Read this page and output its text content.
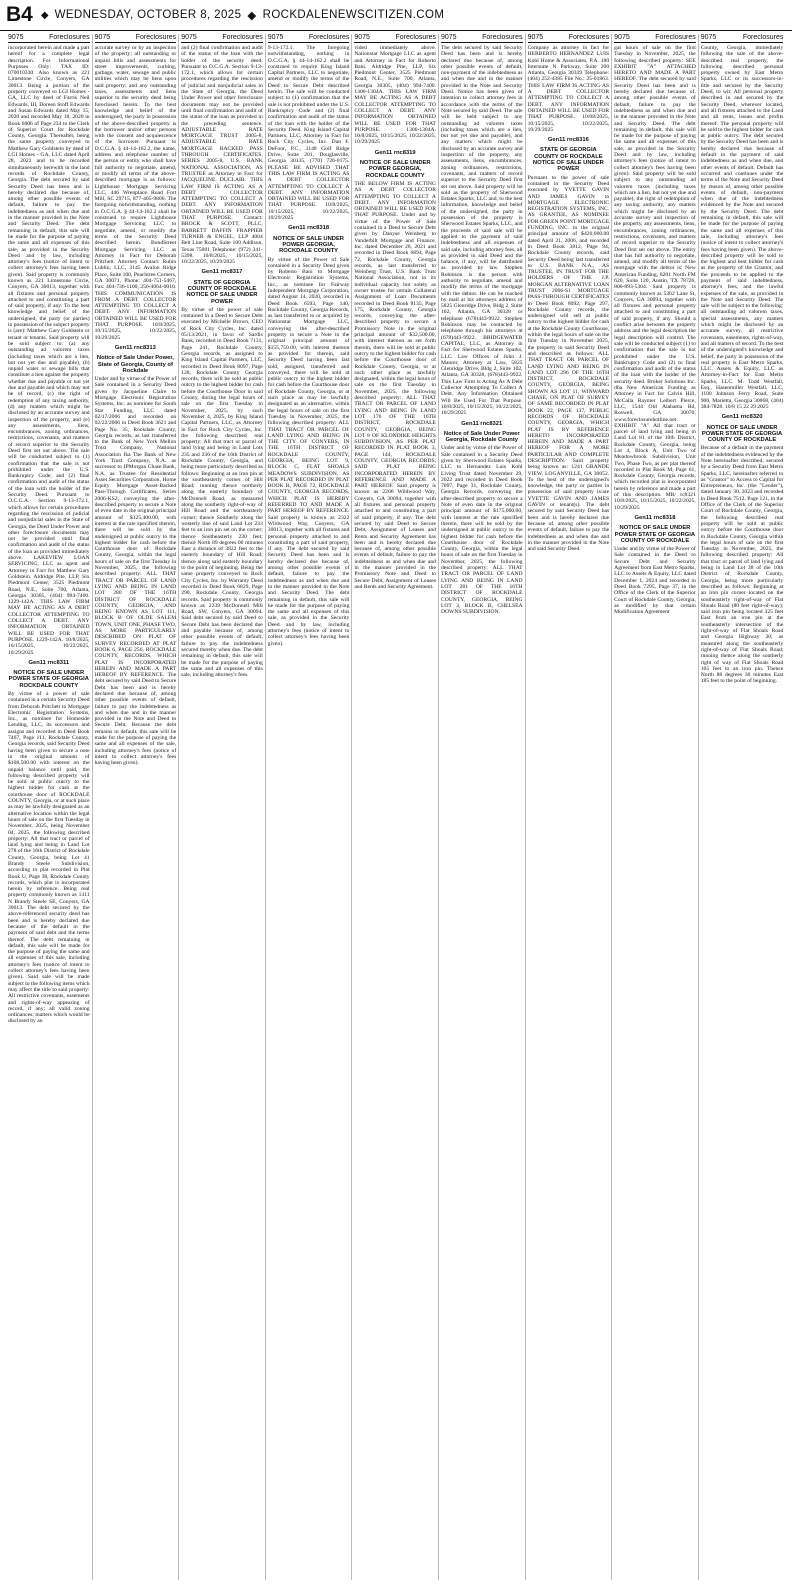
B4 ◆ WEDNESDAY, OCTOBER 8, 2025 ◆ ROCKDALENEWSCITIZEN.COM
9075	Foreclosures

incorporated herein and made a part hereof for a complete legal description. For Informational Purposes Only: TAX ID: 070010330. Also known as 221 Limestone Circle, Conyers, GA 30013. Being a portion of the property conveyed to LGI Homes - GA, LLC by deed of Farris Neil Edwards, III, Doreen Stoff Edwards and Susan Edwards dated May 15, 2020 and recorded May 18, 2020 in Book 6006 of Page 234 to the Clerk of Superior Court for Rockdale County, Georgia. Thereafter, being the same property conveyed to Matthew Gary Goldstein by deed of LGI Homes - GA, LLC dated April 28, 2022 and to be recorded simultaneously herewith in the land records of Rockdale County, Georgia. The debt secured by said Security Deed has been and is hereby declared due because of, among other possible events of default, failure to pay the indebtedness as and when due and in the manner provided in the Note and Security Deed. The debt remaining in default, this sale will be made for the purpose of paying the same and all expenses of this sale, as provided in the Security Deed and by law, including attorney's fees (notice of intent to collect attorney's fees having been given). Said property is commonly known as 221 Limestone Circle, Conyers, GA 30013, together with all fixtures and personal property attached to and constituting a part of said property, if any. To the best knowledge and belief of the undersigned, the party (or parties) in possession of the subject property is (are): Matthew Gary Goldstein or tenant or tenants. Said property will be sold subject to: (a) any outstanding ad valorem taxes (including taxes which are a lien, but not yet due and payable), (b) unpaid water or sewage bills that constitute a lien against the property whether due and payable or not yet due and payable and which may not be of record, (c) the right of redemption of any taxing authority, (d) any matters which might be disclosed by an accurate survey and inspection of the property, and (e) any assessments, liens, encumbrances, zoning ordinances, restrictions, covenants, and matters of record superior to the Security Deed first set out above. The sale will be conducted subject to (1) confirmation that the sale is not prohibited under the U.S. Bankruptcy Code; and (2) final confirmation and audit of the status of the loan with the holder of the Security Deed. Pursuant to O.C.G.A. Section 9-13-172.1, which allows for certain procedures regarding the rescission of judicial and nonjudicial sales in the State of Georgia, the Deed Under Power and other foreclosure documents may not be provided until final confirmation and audit of the status of the loan as provided immediately above. LAKEVIEW LOAN SERVICING, LLC as agent and Attorney in Fact for Matthew Gary Goldstein. Aldridge Pite, LLP, Six Piedmont Center, 3525 Piedmont Road, N.E., Suite 700, Atlanta, Georgia 30305, (404) 994-7400. 1229-142A. THIS LAW FIRM MAY BE ACTING AS A DEBT COLLECTOR ATTEMPTING TO COLLECT A DEBT. ANY INFORMATION OBTAINED WILL BE USED FOR THAT PURPOSE. 1229-142A. 10/8/2025, 10/15/2025, 10/22/2025, 10/29/2025

Gen11 rnc8311

NOTICE OF SALE UNDER POWER STATE OF GEORGIA ROCKDALE COUNTY

By virtue of a power of sale contained in a certain Security Deed from Deborah Pritchett to Mortgage Electronic Registration Systems, Inc., as nominee for Homeside Lending, LLC, its successors and assigns and recorded in Deed Book 7467, Page 111, Rockdale County, Georgia records, said Security Deed having been given to secure a note in the original amount of $108,500.00 with interest on the unpaid balance until paid, the following described property will be sold at public outcry to the highest bidder for cash at the courthouse door of ROCKDALE COUNTY, Georgia, or at such place as may be lawfully designated as an alternative location within the legal hours of sale on the first Tuesday in November, 2025, being November 04, 2025, the following described property: All that tract or parcel of land lying and being in Land Lot 278 of the 16th District of Rockdale County, Georgia, being Lot 41 Brandy Steele Subdivision, according to plat recorded in Plat Book U, Page 38, Rockdale County records, which plat is incorporated herein by reference. Being real property commonly known as 1311 N Brandy Steele SE, Conyers, GA 30013. The debt secured by the above-referenced security deed has been and is hereby declared due because of the default in the payment of said debt and the terms thereof. The debt remaining in default, this sale will be made for the purpose of paying the same and all expenses of this sale, including attorney's fees (notice of intent to collect attorney's fees having been given). Said sale will be made subject to the following items which may affect the title to said property: All restrictive covenants, easements and rights-of-way appearing of record, if any; all valid zoning ordinances; matters which would be disclosed by an

9075	Foreclosures

accurate survey or by an inspection of the property; all outstanding or unpaid bills and assessments for street improvements, curbing, garbage, water, sewage and public utilities which may be liens upon said property; and any outstanding taxes, assessments and liens superior to the security deed being foreclosed herein. To the best knowledge and belief of the undersigned, the party in possession of the above-described property is the borrower and/or other persons with the consent and acquiescence of the borrower. Pursuant to O.C.G.A. § 44-14-162.2, the name, address and telephone number of the person or entity who shall have full authority to negotiate, amend, or modify all terms of the above-described mortgage is as follows: Lighthouse Mortgage Servicing LLC, 446 Wrenplace Road Fort Mill, SC 29715, 877-405-9800. The foregoing notwithstanding, nothing in O.C.G.A. § 44-14-162.2 shall be construed to require Lighthouse Mortgage Servicing LLC to negotiate, amend, or modify the terms of the Security Deed described herein. BondStreet Mortgage Servicing LLC as Attorney in Fact for Deborah Pritchett. Attorney Contact: Rubin Lublin, LLC, 3145 Avalon Ridge Place, Suite 100, Peachtree Corners, GA 30071, Phone: 404-751-5467, Fax: 404-736-1100, 256-4064-0010. THIS COMMUNICATION IS FROM A DEBT COLLECTOR ATTEMPTING TO COLLECT A DEBT. ANY INFORMATION OBTAINED WILL BE USED FOR THAT PURPOSE. 10/8/2025, 10/15/2025, 10/22/2025, 10/29/2025

Gen11 rnc8313

Notice of Sale Under Power, State of Georgia, County of Rockdale

Under and by virtue of the Power of Sale contained in a Security Deed given by Jacqueline Claire to Mortgage Electronic Registration Systems, Inc. as nominee for South Star Funding, LLC dated 02/17/2006 and recorded on 02/22/2006 in Deed Book 3621 and Page No. 35, Rockdale County, Georgia records, as last transferred to the Bank of New York Mellon Trust Company, National Association fka The Bank of New York Trust Company, N.A. as successor to JPMorgan Chase Bank, N.A. as Trustee for Residential Asset Securities Corporation, Home Equity Mortgage Asset-Backed Pass-Through Certificates, Series 2006-KS2, conveying the after-described property to secure a Note of even date in the original principal amount of $125,400.00, with interest at the rate specified therein, there will be sold by the undersigned at public outcry to the highest bidder for cash before the Courthouse door of Rockdale County, Georgia, within the legal hours of sale on the first Tuesday in November, 2025, the following described property: ALL THAT TRACT OR PARCEL OF LAND LYING AND BEING IN LAND LOT 280 OF THE 16TH DISTRICT OF ROCKDALE COUNTY, GEORGIA, AND BEING KNOWN AS LOT 111, BLOCK B OF OLDE SALEM TOWN, UNIT ONE, PHASE TWO, AS MORE PARTICULARLY DESCRIBED ON PLAT OF SURVEY RECORDED AT PLAT BOOK 6, PAGE 256, ROCKDALE COUNTY, RECORDS, WHICH PLAT IS INCORPORATED HEREIN AND MADE A PART HEREOF BY REFERENCE. The debt secured by said Deed to Secure Debt has been and is hereby declared due because of, among other possible events of default, failure to pay the indebtedness as and when due and in the manner provided in the Note and Deed to Secure Debt. Because the debt remains in default, this sale will be made for the purpose of paying the same and all expenses of the sale, including attorney's fees (notice of intent to collect attorney's fees having been given).

9075	Foreclosures

and (2) final confirmation and audit of the status of the loan with the holder of the security deed. Pursuant to O.C.G.A. Section 9-13-172.1, which allows for certain procedures regarding the rescission of judicial and nonjudicial sales in the State of Georgia, the Deed Under Power and other foreclosure documents may not be provided until final confirmation and audit of the status of the loan as provided in the preceding sentence. ADJUSTABLE RATE MORTGAGE TRUST 2005-8, ADJUSTABLE RATE MORTGAGE BACKED PASS THROUGH CERTIFICATES, SERIES 2005-8, U.S. BANK NATIONAL ASSOCIATION, AS TRUSTEE as Attorney in Fact for JACQUELINE DUCLAIR. THIS LAW FIRM IS ACTING AS A DEBT COLLECTOR ATTEMPTING TO COLLECT A DEBT. ANY INFORMATION OBTAINED WILL BE USED FOR THAT PURPOSE. Contact: BROCK & SCOTT, PLLC, BARRETT DAFFIN FRAPPIER TURNER & ENGEL, LLP 4004 Belt Line Road, Suite 100 Addison, Texas 75001 Telephone: (972) 341-5398. 10/8/2025, 10/15/2025, 10/22/2025, 10/29/2025

Gen11 rnc8317

STATE OF GEORGIA COUNTY OF ROCKDALE NOTICE OF SALE UNDER POWER

By virtue of the power of sale contained in a Deed to Secure Debt executed by Michelle Brown, CEO of Rock City Cycles, Inc. dated 05/13/2021, in favor of Sardis Bank, recorded in Deed Book 7131, Page 241, Rockdale County, Georgia records, as assigned to King Island Capital Partners, LLC, recorded in Deed Book 8097, Page 128, Rockdale County Georgia records, there will be sold at public outcry to the highest bidder for cash before the Courthouse Door in said County, during the legal hours of sale on the first Tuesday in November, 2025, by such November 4, 2025, by King Island Capital Partners, LLC, as Attorney in Fact for Rock City Cycles, Inc. the following described real property: All that tract or parcel of land lying and being in Land Lots 235 and 236 of the 16th District of Rockdale County, Georgia, and being more particularly described as follows: Beginning at an iron pin at the southeasterly corner of Hill Road; running thence northerly along the easterly boundary of McDonnell Road, as measured along the southerly right-of-way of Hill Road and the northeasterly corner; thence Southerly along the westerly line of said Land Lot 233 feet to an iron pin set on the corner; thence Southeasterly 230 feet; thence North 89 degrees 00 minutes East a distance of 3822 feet to the easterly boundary of Hill Road; thence along said easterly boundary to the point of beginning. Being the same property conveyed to Rock City Cycles, Inc. by Warranty Deed recorded in Deed Book 6829, Page 290, Rockdale County, Georgia records. Said property is commonly known as 2239 McDonnell Mill Road, SW, Conyers, GA 30094. Said debt secured by said Deed to Secure Debt has been declared due and payable because of, among other possible events of default, failure to pay the indebtedness secured thereby when due. The debt remaining in default, this sale will be made for the purpose of paying the same and all expenses of this sale, including attorney's fees.

9075	Foreclosures

9-13-172.1. The foregoing notwithstanding, nothing in O.C.G.A. § 44-14-162.2 shall be construed to require King Island Capital Partners, LLC to negotiate, amend or modify the terms of the Deed to Secure Debt described herein. The sale will be conducted subject to (1) confirmation that the sale is not prohibited under the U.S. Bankruptcy Code and (2) final confirmation and audit of the status of the loan with the holder of the Security Deed. King Island Capital Partners, LLC, Attorney in Fact for Rock City Cycles, Inc. Dan F. DeFoor, P.C., 3148 Golf Ridge Drive, Suite 201, Douglasville, Georgia 30135, (770) 726-0175. PLEASE BE ADVISED THAT THIS LAW FIRM IS ACTING AS A DEBT COLLECTOR ATTEMPTING TO COLLECT A DEBT. ANY INFORMATION OBTAINED WILL BE USED FOR THAT PURPOSE. 10/8/2025, 10/15/2025, 10/22/2025, 10/29/2025

Gen11 rnc8318

NOTICE OF SALE UNDER POWER GEORGIA, ROCKDALE COUNTY

By virtue of the Power of Sale contained in a Security Deed given by Roberto Bani to Mortgage Electronic Registration Systems, Inc., as nominee for Fairway Independent Mortgage Corporation, dated August 14, 2020, recorded in Deed Book 6593, Page 140, Rockdale County, Georgia Records, as last transferred to or acquired by Nationstar Mortgage LLC, conveying the after-described property to secure a Note in the original principal amount of $155,750.00, with interest thereon as provided for therein, said Security Deed having been last sold, assigned, transferred and conveyed, there will be sold at public outcry to the highest bidder for cash before the Courthouse door of Rockdale County, Georgia, or at such place as may be lawfully designated as an alternative, within the legal hours of sale on the first Tuesday in November, 2025, the following described property: ALL THAT TRACT OR PARCEL OF LAND LYING AND BEING IN THE CITY OF CONYERS, IN THE 16TH DISTRICT OF ROCKDALE COUNTY, GEORGIA, BEING LOT 9, BLOCK C, FLAT SHOALS MEADOWS SUBDIVISION, AS PER PLAT RECORDED IN PLAT BOOK R, PAGE 72, ROCKDALE COUNTY, GEORGIA RECORDS, WHICH PLAT IS HEREBY REFERRED TO AND MADE A PART HEREOF BY REFERENCE. Said property is known as 2322 Wildwood Way, Conyers, GA 30013, together with all fixtures and personal property attached to and constituting a part of said property, if any. The debt secured by said Security Deed has been and is hereby declared due because of, among other possible events of default, failure to pay the indebtedness as and when due and in the manner provided in the Note and Security Deed. The debt remaining in default, this sale will be made for the purpose of paying the same and all expenses of this sale, as provided in the Security Deed and by law, including attorney's fees (notice of intent to collect attorney's fees having been given).

9075	Foreclosures

vided immediately above. Nationstar Mortgage LLC as agent and Attorney in Fact for Roberto Bani. Aldridge Pite, LLP, Six Piedmont Center, 3525 Piedmont Road, N.E., Suite 700, Atlanta, Georgia 30305, (404) 994-7400. 1306-1304A. THIS LAW FIRM MAY BE ACTING AS A DEBT COLLECTOR ATTEMPTING TO COLLECT A DEBT. ANY INFORMATION OBTAINED WILL BE USED FOR THAT PURPOSE. 1306-1304A. 10/8/2025, 10/15/2025, 10/22/2025, 10/29/2025

Gen11 rnc8319

NOTICE OF SALE UNDER POWER GEORGIA, ROCKDALE COUNTY

THE BELOW FIRM IS ACTING AS A DEBT COLLECTOR ATTEMPTING TO COLLECT A DEBT. ANY INFORMATION OBTAINED WILL BE USED FOR THAT PURPOSE. Under and by virtue of the Power of Sale contained in a Deed to Secure Debt given by Danyse Weinberg to Vanderbilt Mortgage and Finance, Inc. dated December 28, 2021 and recorded in Deed Book 6894, Page 72, Rockdale County, Georgia records, as last transferred to Weinberg Trust, U.S. Bank Trust National Association, not in its individual capacity but solely as owner trustee for certain Collateral Assignment of Loan Documents recorded in Deed Book 8135, Page 175, Rockdale County, Georgia records, conveying the after-described property to secure a Promissory Note in the original principal amount of $32,500.00, with interest thereon as set forth therein, there will be sold at public outcry to the highest bidder for cash before the Courthouse door of Rockdale County, Georgia, or at such other place as lawfully designated, within the legal hours of sale on the first Tuesday in November, 2025, the following described property: ALL THAT TRACT OR PARCEL OF LAND LYING AND BEING IN LAND LOT 176 OF THE 16TH DISTRICT, ROCKDALE COUNTY, GEORGIA, BEING LOT 8 OF KLONDIKE HEIGHTS SUBDIVISION, AS PER PLAT RECORDED IN PLAT BOOK 3, PAGE 144, ROCKDALE COUNTY, GEORGIA RECORDS, SAID PLAT BEING INCORPORATED HEREIN BY REFERENCE AND MADE A PART HEREOF. Said property is known as 2206 Wildwood Way, Conyers, GA 30094, together with all fixtures and personal property attached to and constituting a part of said property, if any. The debt secured by said Deed to Secure Debt, Assignment of Leases and Rents and Security Agreement has been and is hereby declared due because of, among other possible events of default, failure to pay the indebtedness as and when due and in the manner provided in the Promissory Note and Deed to Secure Debt, Assignment of Leases and Rents and Security Agreement.

9075	Foreclosures

The debt secured by said Security Deed has been and is hereby declared due because of, among other possible events of default, non-payment of the indebtedness as and when due and in the manner provided in the Note and Security Deed. Notice has been given of intention to collect attorney fees in accordance with the terms of the Note secured by said Deed. The sale will be held subject to any outstanding ad valorem taxes (including taxes which are a lien, but not yet due and payable), and any matters which might be disclosed by an accurate survey and inspection of the property, any assessments, liens, encumbrances, zoning ordinances, restrictions, covenants, and matters of record superior to the Security Deed first set out above. Said property will be sold as the property of Sherwood Estates Sparks, LLC and, to the best information, knowledge and belief of the undersigned, the party in possession of the property is Sherwood Estates Sparks, LLC, and the proceeds of said sale will be applied to the payment of said indebtedness and all expenses of said sale, including attorney fees, all as provided in said Deed and the balance, if any, will be distributed as provided by law. Stephen Robinson is the person with authority to negotiate, amend and modify the terms of the mortgage with the debtor. He can be reached by mail at his attorneys address of 5825 Glenridge Drive, Bldg 2, Suite 102, Atlanta, GA 30328 or telephone (678)443-9922. Stephen Robinson may be contacted by telephone through his attorneys at (678)443-9922. BRIDGEWATER CAPITAL, LLC, as Attorney in Fact for Sherwood Estates Sparks, LLC. Law Offices of John J. Maurer, Attorney at Law, 5825 Glenridge Drive, Bldg 2, Suite 102, Atlanta, GA 30328, (678)443-9922. This Law Firm is Acting As A Debt Collector Attempting To Collect A Debt. Any Information Obtained Will Be Used For That Purpose. 10/8/2025, 10/15/2025, 10/22/2025, 10/29/2025

Gen11 rnc8321

Notice of Sale Under Power Georgia, Rockdale County

Under and by virtue of the Power of Sale contained in a Security Deed given by Sherwood Estates Sparks, LLC to Hernandez Luis Kohl Living Trust dated November 29, 2022 and recorded in Deed Book 7097, Page 31, Rockdale County, Georgia Records, conveying the after-described property to secure a Note of even date in the original principal amount of $175,000.00, with interest at the rate specified therein, there will be sold by the undersigned at public outcry to the highest bidder for cash before the Courthouse door of Rockdale County, Georgia, within the legal hours of sale on the first Tuesday in November, 2025, the following described property: ALL THAT TRACT OR PARCEL OF LAND LYING AND BEING IN LAND LOT 281 OF THE 16TH DISTRICT OF ROCKDALE COUNTY, GEORGIA, BEING LOT 3, BLOCK B, CHELSEA DOWNS SUBDIVISION.

9075	Foreclosures

Company as attorney in fact for HERBERTO HERNANDEZ LUIS Kohl Home & Associates, P.A. 180 Interstate N Parkway, Suite 200 Atlanta, Georgia 30339 Telephone: (404) 252-4385 File No.: 25-01863. THIS LAW FIRM IS ACTING AS A DEBT COLLECTOR ATTEMPTING TO COLLECT A DEBT. ANY INFORMATION OBTAINED WILL BE USED FOR THAT PURPOSE. 10/08/2025, 10/15/2025, 10/22/2025, 10/29/2025

Gen11 rnc8316

STATE OF GEORGIA COUNTY OF ROCKDALE NOTICE OF SALE UNDER POWER

Pursuant to the power of sale contained in the Security Deed executed by YVETTE GAVIN AND JAMES GAVIN to MORTGAGE ELECTRONIC REGISTRATION SYSTEMS, INC. AS GRANTEE, AS NOMINEE FOR GREEN POINT MORTGAGE FUNDING, INC. in the original principal amount of $420,000.00 dated April 21, 2006, and recorded in Deed Book 3812, Page 94, Rockdale County records, said Security Deed being last transferred to U.S. BANK N.A., AS TRUSTEE, IN TRUST FOR THE HOLDERS OF THE J.P. MORGAN ALTERNATIVE LOAN TRUST 2006-S1 MORTGAGE PASS-THROUGH CERTIFICATES in Deed Book 8092, Page 297, Rockdale County records, the undersigned will sell at public outcry to the highest bidder for cash at the Rockdale County Courthouse, within the legal hours of sale on the first Tuesday in November 2025, the property in said Security Deed and described as follows: ALL THAT TRACT OR PARCEL OF LAND LYING AND BEING IN LAND LOT 296 OF THE 16TH DISTRICT, ROCKDALE COUNTY, GEORGIA, BEING SHOWN AS LOT 11, WINWARD CHASE, ON PLAT OF SURVEY OF SAME RECORDED IN PLAT BOOK 22, PAGE 137, PUBLIC RECORDS OF ROCKDALE COUNTY, GEORGIA, WHICH PLAT IS BY REFERENCE HERETO INCORPORATED HEREIN AND MADE A PART HEREOF FOR A MORE PARTICULAR AND COMPLETE DESCRIPTION. Said property being known as: 1241 GRANDE VIEW, LOGANVILLE, GA 30052. To the best of the undersigned's knowledge, the party or parties in possession of said property is/are YVETTE GAVIN AND JAMES GAVIN or tenant(s). The debt secured by said Security Deed has been and is hereby declared due because of, among other possible events of default, failure to pay the indebtedness as and when due and in the manner provided in the Note and said Security Deed.

9075	Foreclosures

gal hours of sale on the first Tuesday in November, 2025, the following described property: SEE EXHIBIT "A" ATTACHED HERETO AND MADE A PART HEREOF. The debt secured by said Security Deed has been and is hereby declared due because of, among other possible events of default, failure to pay the indebtedness as and when due and in the manner provided in the Note and Security Deed. The debt remaining in default, this sale will be made for the purpose of paying the same and all expenses of this sale, as provided in the Security Deed and by law, including attorney's fees (notice of intent to collect attorney's fees having been given). Said property will be sold subject to any outstanding ad valorem taxes (including taxes which are a lien, but not yet due and payable), the right of redemption of any taxing authority, any matters which might be disclosed by an accurate survey and inspection of the property, any assessments, liens, encumbrances, zoning ordinances, restrictions, covenants, and matters of record superior to the Security Deed first set out above. The entity that has full authority to negotiate, amend, and modify all terms of the mortgage with the debtor is: New American Funding, 8201 North FM 620, Suite 120, Austin, TX 78726, 800-893-5304. Said property is commonly known as 5362 Lane St, Conyers, GA 30094, together with all fixtures and personal property attached to and constituting a part of said property, if any. Should a conflict arise between the property address and the legal description the legal description will control. The sale will be conducted subject (1) to confirmation that the sale is not prohibited under the U.S. Bankruptcy Code and (2) to final confirmation and audit of the status of the loan with the holder of the security deed. Broker Solutions Inc. dba New American Funding as Attorney in Fact for Calvin Hill, McCalla Raymer Leibert Pierce, LLC, 1544 Old Alabama Rd, Roswell, GA 30076, www.foreclosurehotline.net. EXHIBIT "A" All that tract or parcel of land lying and being in Land Lot 81 of the 10th District, Rockdale County, Georgia, being Lot 4, Block A, Unit Two of Meadowbrook Subdivision, Unit Two, Phase Two, as per plat thereof recorded in Plat Book M, Page 61, Rockdale County, Georgia records, which recorded plat is incorporated herein by reference and made a part of this description. MR/ rc8321 10/8/2025, 10/15/2025, 10/22/2025, 10/29/2025

Gen11 rnc8318

NOTICE OF SALE UNDER POWER STATE OF GEORGIA COUNTY OF ROCKDALE

Under and by virtue of the Power of Sale contained in the Deed to Secure Debt and Security Agreement from East Metro Sparks, LLC to Assets & Equity, LLC dated December 1, 2024 and recorded in Deed Book 7295, Page 37, in the Office of the Clerk of the Superior Court of Rockdale County, Georgia, as modified by that certain Modification Agreement

9075	Foreclosures

County, Georgia, immediately following the sale of the above-described real property, the following described personal property owned by East Metro Sparks, LLC or its successors-in-title and secured by the Security Deed, to wit: All personal property described in and secured by the Security Deed, wherever located, and all fixtures attached to the Land and all rents, issues and profits thereof. The personal property will be sold to the highest bidder for cash at public outcry. The debt secured by the Security Deed has been and is hereby declared due because of default in the payment of said indebtedness as and when due, and other events of default. Default has occurred and continues under the terms of the Note and Security Deed by reason of, among other possible events of default, non-payment when due of the indebtedness evidenced by the Note and secured by the Security Deed. The debt remaining in default, this sale will be made for the purpose of paying the same and all expenses of this sale, including attorney's fees (notice of intent to collect attorney's fees having been given). The above-described property will be sold to the highest and best bidder for cash as the property of the Grantor, and the proceeds to be applied to the payment of said indebtedness, attorney's fees, and the lawful expenses of the sale, as provided in the Note and Security Deed. The sale will be subject to the following: all outstanding ad valorem taxes, special assessments, any matters which might be disclosed by an accurate survey, all restrictive covenants, easements, rights-of-way, and all matters of record. To the best of the undersigned's knowledge and belief, the party in possession of the real property is East Metro Sparks, LLC. Assets & Equity, LLC as Attorney-in-Fact for East Metro Sparks, LLC. M. Todd Westfall, Esq., Hasenmiller Westfall, LLC, 1100 Johnson Ferry Road, Suite 900, Marietta, Georgia 30068, (404) 384-7828. 10/8 15 22 29 2025

Gen11 rnc8320

NOTICE OF SALE UNDER POWER STATE OF GEORGIA COUNTY OF ROCKDALE

Because of a default in the payment of the indebtedness evidenced by the Note hereinafter described, secured by a Security Deed from East Metro Sparks, LLC, hereinafter referred to as "Grantor" to Access to Capital for Entrepreneurs, Inc. (the "Lender"), dated January 30, 2023 and recorded in Deed Book 7512, Page 121, in the Office of the Clerk of the Superior Court of Rockdale County, Georgia, the following described real property will be sold at public outcry before the Courthouse door in Rockdale County, Georgia within the legal hours of sale on the first Tuesday in November, 2025, the following described property: All that tract or parcel of land lying and being in Land Lot 38 of the 10th District of Rockdale County, Georgia, being more particularly described as follows: Beginning at an iron pin corner located on the southeasterly right-of-way of Flat Shoals Road (80 feet right-of-way); said iron pin being located 325 feet East from an iron pin at the southeasterly intersection of the right-of-way of Flat Shoals Road and Georgia Highway 20; as measured along the southeasterly right-of-way of Flat Shoals Road; running thence along the southerly right of way of Flat Shoals Road 165 feet to an iron pin. Thence North 88 degrees 30 minutes East 185 feet to the point of beginning.
